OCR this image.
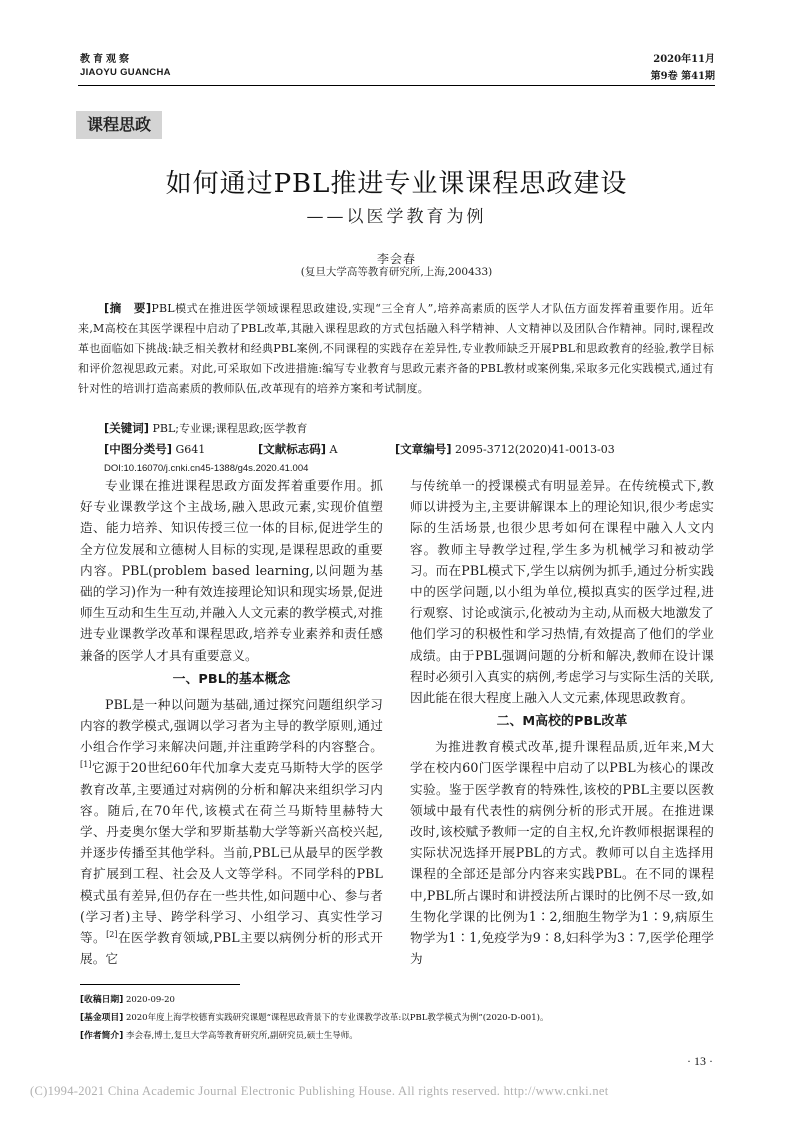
教育观察
JIAOYU GUANCHA
2020年11月
第9卷 第41期
课程思政
如何通过PBL推进专业课课程思政建设
——以医学教育为例
李会春
(复旦大学高等教育研究所,上海,200433)
[摘　要]PBL模式在推进医学领域课程思政建设,实现“三全育人”,培养高素质的医学人才队伍方面发挥着重要作用。近年来,M高校在其医学课程中启动了PBL改革,其融入课程思政的方式包括融入科学精神、人文精神以及团队合作精神。同时,课程改革也面临如下挑战:缺乏相关教材和经典PBL案例,不同课程的实践存在差异性,专业教师缺乏开展PBL和思政教育的经验,教学目标和评价忽视思政元素。对此,可采取如下改进措施:编写专业教育与思政元素齐备的PBL教材或案例集,采取多元化实践模式,通过有针对性的培训打造高素质的教师队伍,改革现有的培养方案和考试制度。
[关键词] PBL;专业课;课程思政;医学教育
[中图分类号] G641	[文献标志码] A	[文章编号] 2095-3712(2020)41-0013-03
DOI:10.16070/j.cnki.cn45-1388/g4s.2020.41.004

专业课在推进课程思政方面发挥着重要作用。抓好专业课教学这个主战场,融入思政元素,实现价值塑造、能力培养、知识传授三位一体的目标,促进学生的全方位发展和立德树人目标的实现,是课程思政的重要内容。PBL(problem based learning,以问题为基础的学习)作为一种有效连接理论知识和现实场景,促进师生互动和生生互动,并融入人文元素的教学模式,对推进专业课教学改革和课程思政,培养专业素养和责任感兼备的医学人才具有重要意义。

一、PBL的基本概念

PBL是一种以问题为基础,通过探究问题组织学习内容的教学模式,强调以学习者为主导的教学原则,通过小组合作学习来解决问题,并注重跨学科的内容整合。[1]它源于20世纪60年代加拿大麦克马斯特大学的医学教育改革,主要通过对病例的分析和解决来组织学习内容。随后,在70年代,该模式在荷兰马斯特里赫特大学、丹麦奥尔堡大学和罗斯基勒大学等新兴高校兴起,并逐步传播至其他学科。当前,PBL已从最早的医学教育扩展到工程、社会及人文等学科。不同学科的PBL模式虽有差异,但仍存在一些共性,如问题中心、参与者(学习者)主导、跨学科学习、小组学习、真实性学习等。[2]在医学教育领域,PBL主要以病例分析的形式开展。它

与传统单一的授课模式有明显差异。在传统模式下,教师以讲授为主,主要讲解课本上的理论知识,很少考虑实际的生活场景,也很少思考如何在课程中融入人文内容。教师主导教学过程,学生多为机械学习和被动学习。而在PBL模式下,学生以病例为抓手,通过分析实践中的医学问题,以小组为单位,模拟真实的医学过程,进行观察、讨论或演示,化被动为主动,从而极大地激发了他们学习的积极性和学习热情,有效提高了他们的学业成绩。由于PBL强调问题的分析和解决,教师在设计课程时必须引入真实的病例,考虑学习与实际生活的关联,因此能在很大程度上融入人文元素,体现思政教育。

二、M高校的PBL改革

为推进教育模式改革,提升课程品质,近年来,M大学在校内60门医学课程中启动了以PBL为核心的课改实验。鉴于医学教育的特殊性,该校的PBL主要以医教领域中最有代表性的病例分析的形式开展。在推进课改时,该校赋予教师一定的自主权,允许教师根据课程的实际状况选择开展PBL的方式。教师可以自主选择用课程的全部还是部分内容来实践PBL。在不同的课程中,PBL所占课时和讲授法所占课时的比例不尽一致,如生物化学课的比例为1∶2,细胞生物学为1∶9,病原生物学为1∶1,免疫学为9∶8,妇科学为3∶7,医学伦理学为

[收稿日期] 2020-09-20
[基金项目] 2020年度上海学校德育实践研究课题“课程思政背景下的专业课教学改革:以PBL教学模式为例”(2020-D-001)。
[作者简介] 李会春,博士,复旦大学高等教育研究所,副研究员,硕士生导师。
· 13 ·
(C)1994-2021 China Academic Journal Electronic Publishing House. All rights reserved. http://www.cnki.net
